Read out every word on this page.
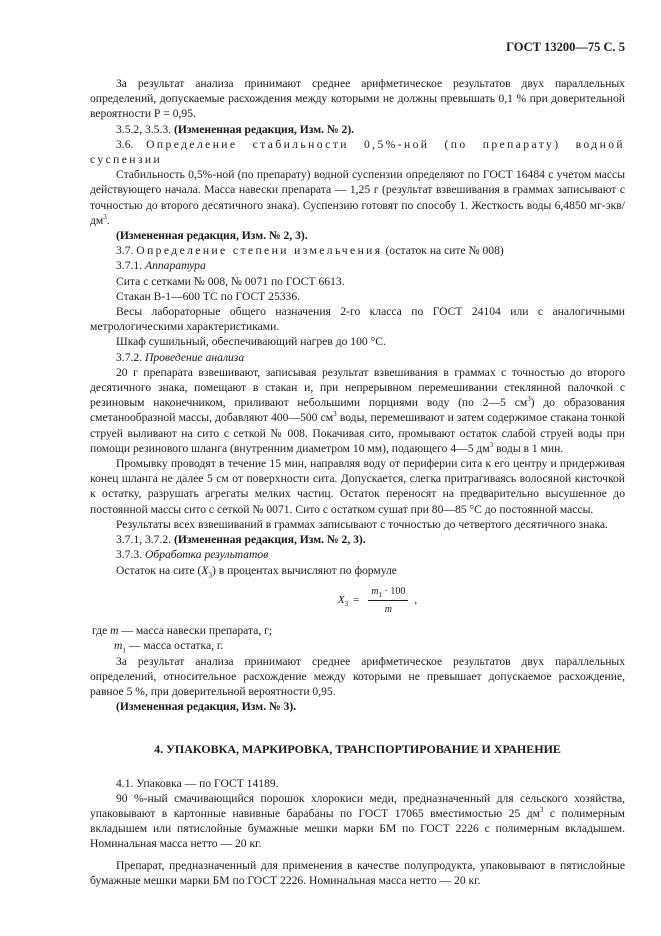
ГОСТ 13200—75 С. 5

За результат анализа принимают среднее арифметическое результатов двух параллельных определений, допускаемые расхождения между которыми не должны превышать 0,1 % при доверительной вероятности Р = 0,95.

3.5.2, 3.5.3. (Измененная редакция, Изм. № 2).

3.6. Определение стабильности 0,5%-ной (по препарату) водной суспензии

Стабильность 0,5%-ной (по препарату) водной суспензии определяют по ГОСТ 16484 с учетом массы действующего начала. Масса навески препарата — 1,25 г (результат взвешивания в граммах записывают с точностью до второго десятичного знака). Суспензию готовят по способу 1. Жесткость воды 6,4850 $мг-экв/дм^3$.

(Измененная редакция, Изм. № 2, 3).

3.7. Определение степени измельчения (остаток на сите № 008)

3.7.1. Аппаратура

Сита с сетками № 008, № 0071 по ГОСТ 6613.

Стакан В-1—600 ТС по ГОСТ 25336.

Весы лабораторные общего назначения 2-го класса по ГОСТ 24104 или с аналогичными метрологическими характеристиками.

Шкаф сушильный, обеспечивающий нагрев до 100 °С.

3.7.2. Проведение анализа

20 г препарата взвешивают, записывая результат взвешивания в граммах с точностью до второго десятичного знака, помещают в стакан и, при непрерывном перемешивании стеклянной палочкой с резиновым наконечником, приливают небольшими порциями воду (по 2—5 $см^3$) до образования сметанообразной массы, добавляют 400—500 $см^3$ воды, перемешивают и затем содержимое стакана тонкой струей выливают на сито с сеткой № 008. Покачивая сито, промывают остаток слабой струей воды при помощи резинового шланга (внутренним диаметром 10 мм), подающего 4—5 $дм^3$ воды в 1 мин.

Промывку проводят в течение 15 мин, направляя воду от периферии сита к его центру и придерживая конец шланга не далее 5 см от поверхности сита. Допускается, слегка притрагиваясь волосяной кисточкой к остатку, разрушать агрегаты мелких частиц. Остаток переносят на предварительно высушенное до постоянной массы сито с сеткой № 0071. Сито с остатком сушат при 80—85 °С до постоянной массы.

Результаты всех взвешиваний в граммах записывают с точностью до четвертого десятичного знака.

3.7.1, 3.7.2. (Измененная редакция, Изм. № 2, 3).

3.7.3. Обработка результатов

Остаток на сите $(X_3)$ в процентах вычисляют по формуле

$X_3 = \frac{m_1 \cdot 100}{m}$ ,

где m — масса навески препарата, г;

$m_1$ — масса остатка, г.

За результат анализа принимают среднее арифметическое результатов двух параллельных определений, относительное расхождение между которыми не превышает допускаемое расхождение, равное 5 %, при доверительной вероятности 0,95.

(Измененная редакция, Изм. № 3).

4. УПАКОВКА, МАРКИРОВКА, ТРАНСПОРТИРОВАНИЕ И ХРАНЕНИЕ

4.1. Упаковка — по ГОСТ 14189.

90 %-ный смачивающийся порошок хлорокиси меди, предназначенный для сельского хозяйства, упаковывают в картонные навивные барабаны по ГОСТ 17065 вместимостью 25 $дм^3$ с полимерным вкладышем или пятислойные бумажные мешки марки БМ по ГОСТ 2226 с полимерным вкладышем. Номинальная масса нетто — 20 кг.

Препарат, предназначенный для применения в качестве полупродукта, упаковывают в пятислойные бумажные мешки марки БМ по ГОСТ 2226. Номинальная масса нетто — 20 кг.
